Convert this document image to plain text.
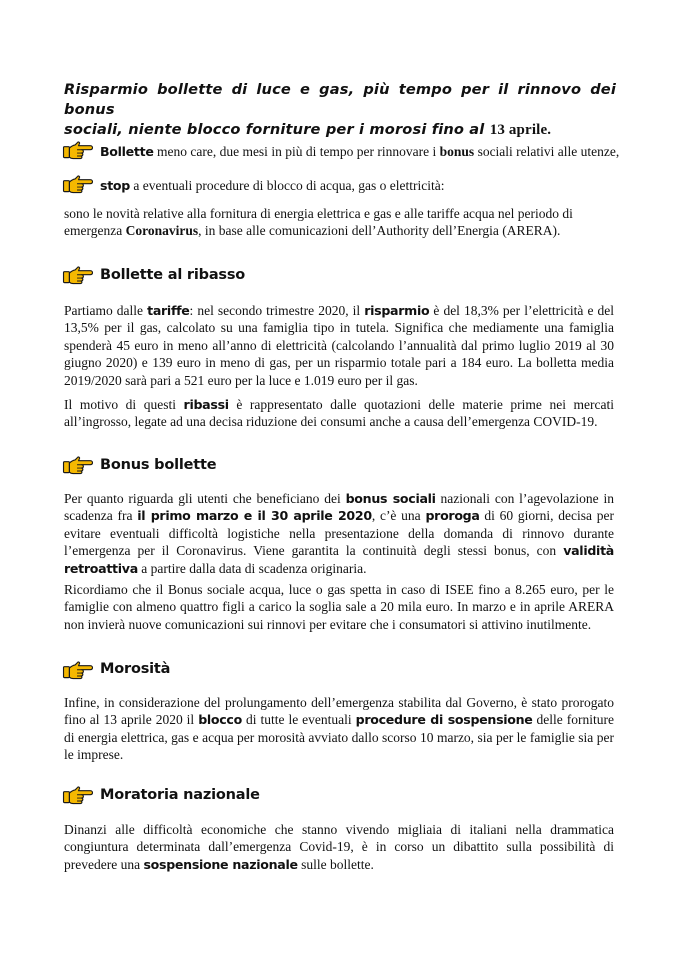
Risparmio bollette di luce e gas, più tempo per il rinnovo dei bonus
sociali, niente blocco forniture per i morosi fino al 13 aprile.
Bollette meno care, due mesi in più di tempo per rinnovare i bonus sociali relativi alle utenze,
stop a eventuali procedure di blocco di acqua, gas o elettricità:
sono le novità relative alla fornitura di energia elettrica e gas e alle tariffe acqua nel periodo di
emergenza Coronavirus, in base alle comunicazioni dell’Authority dell’Energia (ARERA).
Bollette al ribasso
Partiamo dalle tariffe: nel secondo trimestre 2020, il risparmio è del 18,3% per l’elettricità e del 13,5% per il gas, calcolato su una famiglia tipo in tutela. Significa che mediamente una famiglia spenderà 45 euro in meno all’anno di elettricità (calcolando l’annualità dal primo luglio 2019 al 30 giugno 2020) e 139 euro in meno di gas, per un risparmio totale pari a 184 euro. La bolletta media 2019/2020 sarà pari a 521 euro per la luce e 1.019 euro per il gas.
Il motivo di questi ribassi è rappresentato dalle quotazioni delle materie prime nei mercati all’ingrosso, legate ad una decisa riduzione dei consumi anche a causa dell’emergenza COVID-19.
Bonus bollette
Per quanto riguarda gli utenti che beneficiano dei bonus sociali nazionali con l’agevolazione in scadenza fra il primo marzo e il 30 aprile 2020, c’è una proroga di 60 giorni, decisa per evitare eventuali difficoltà logistiche nella presentazione della domanda di rinnovo durante l’emergenza per il Coronavirus. Viene garantita la continuità degli stessi bonus, con validità retroattiva a partire dalla data di scadenza originaria.
Ricordiamo che il Bonus sociale acqua, luce o gas spetta in caso di ISEE fino a 8.265 euro, per le famiglie con almeno quattro figli a carico la soglia sale a 20 mila euro. In marzo e in aprile ARERA non invierà nuove comunicazioni sui rinnovi per evitare che i consumatori si attivino inutilmente.
Morosità
Infine, in considerazione del prolungamento dell’emergenza stabilita dal Governo, è stato prorogato fino al 13 aprile 2020 il blocco di tutte le eventuali procedure di sospensione delle forniture di energia elettrica, gas e acqua per morosità avviato dallo scorso 10 marzo, sia per le famiglie sia per le imprese.
Moratoria nazionale
Dinanzi alle difficoltà economiche che stanno vivendo migliaia di italiani nella drammatica congiuntura determinata dall’emergenza Covid-19, è in corso un dibattito sulla possibilità di prevedere una sospensione nazionale sulle bollette.
